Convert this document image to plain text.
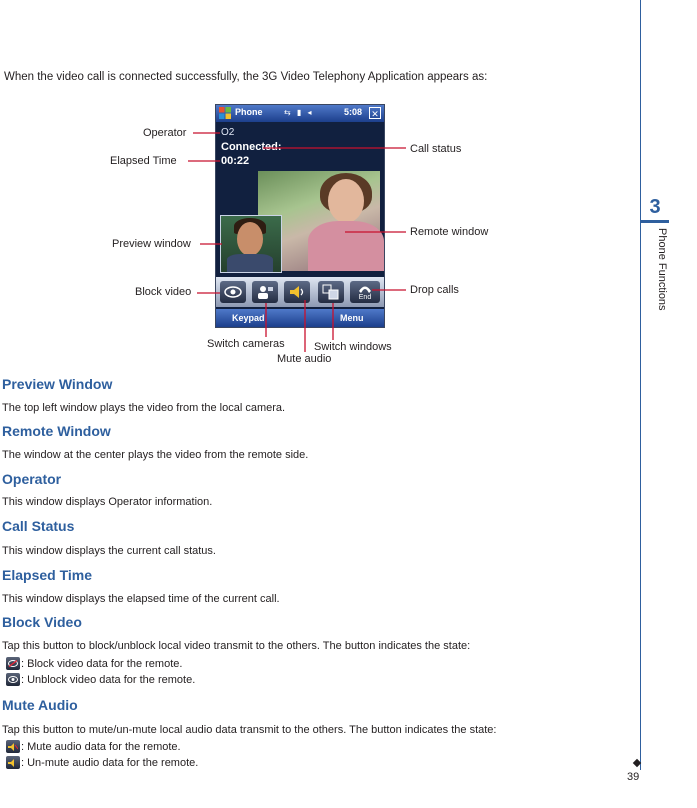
When the video call is connected successfully, the 3G Video Telephony Application appears as:
Phone	⇆ ▮ ◂	5:08 ✕
O2
Connected:
00:22
End
Keypad	Menu
Operator
Elapsed Time
Preview window
Block video
Call status
Remote window
Drop calls
Switch cameras	Switch windows
Mute audio
Preview Window
The top left window plays the video from the local camera.
Remote Window
The window at the center plays the video from the remote side.
Operator
This window displays Operator information.
Call Status
This window displays the current call status.
Elapsed Time
This window displays the elapsed time of the current call.
Block Video
Tap this button to block/unblock local video transmit to the others. The button indicates the state:
: Block video data for the remote.
: Unblock video data for the remote.
Mute Audio
Tap this button to mute/un-mute local audio data transmit to the others. The button indicates the state:
: Mute audio data for the remote.
: Un-mute audio data for the remote.
3
Phone Functions
39
